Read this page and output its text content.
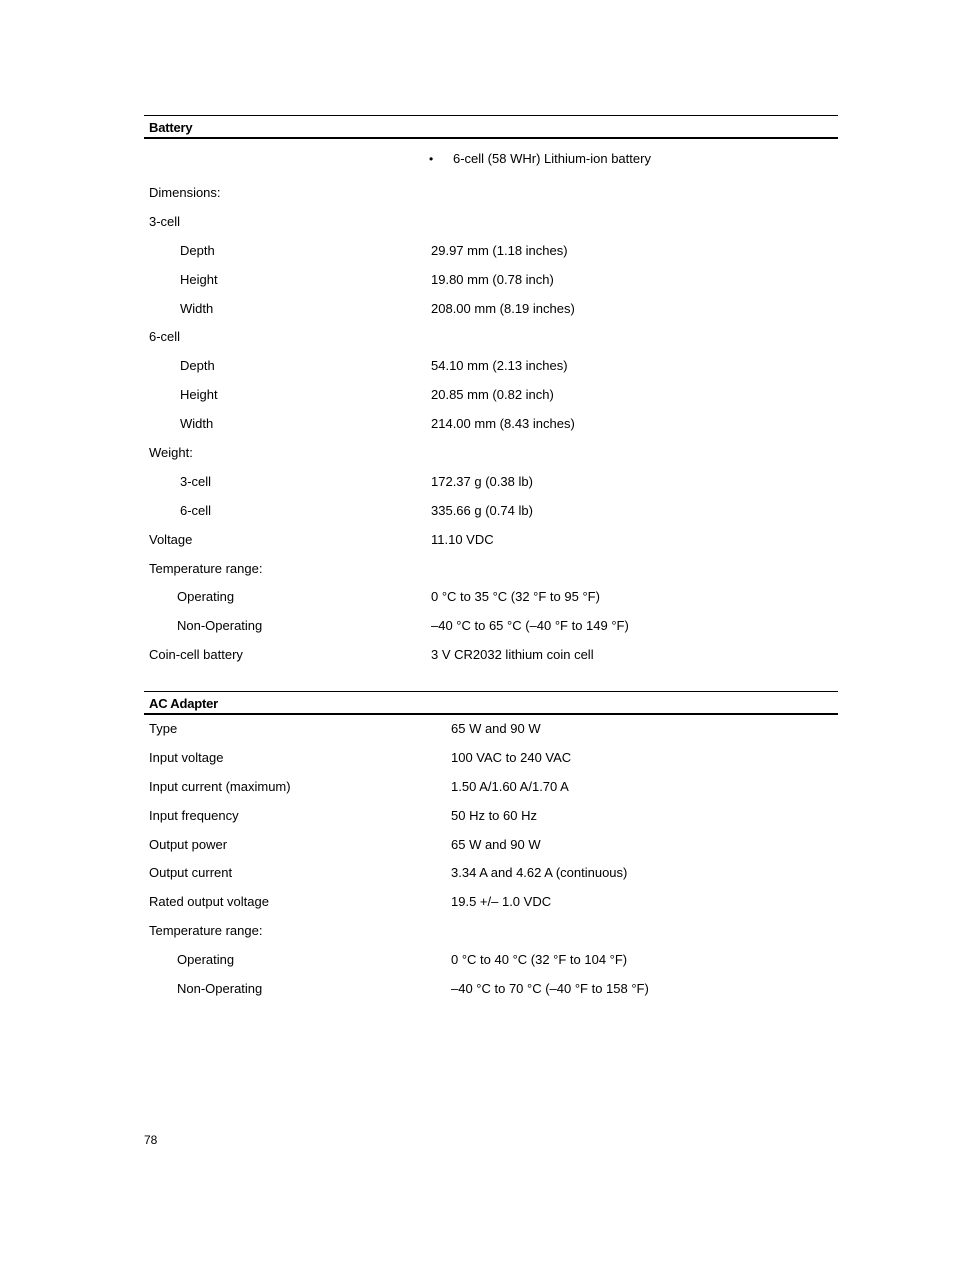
Battery
• 6-cell (58 WHr) Lithium-ion battery
Dimensions:
3-cell
Depth	29.97 mm (1.18 inches)
Height	19.80 mm (0.78 inch)
Width	208.00 mm (8.19 inches)
6-cell
Depth	54.10 mm (2.13 inches)
Height	20.85 mm (0.82 inch)
Width	214.00 mm (8.43 inches)
Weight:
3-cell	172.37 g (0.38 lb)
6-cell	335.66 g (0.74 lb)
Voltage	11.10 VDC
Temperature range:
Operating	0 °C to 35 °C (32 °F to 95 °F)
Non-Operating	–40 °C to 65 °C (–40 °F to 149 °F)
Coin-cell battery	3 V CR2032 lithium coin cell
AC Adapter
Type	65 W and 90 W
Input voltage	100 VAC to 240 VAC
Input current (maximum)	1.50 A/1.60 A/1.70 A
Input frequency	50 Hz to 60 Hz
Output power	65 W and 90 W
Output current	3.34 A and 4.62 A (continuous)
Rated output voltage	19.5 +/– 1.0 VDC
Temperature range:
Operating	0 °C to 40 °C (32 °F to 104 °F)
Non-Operating	–40 °C to 70 °C (–40 °F to 158 °F)
78
